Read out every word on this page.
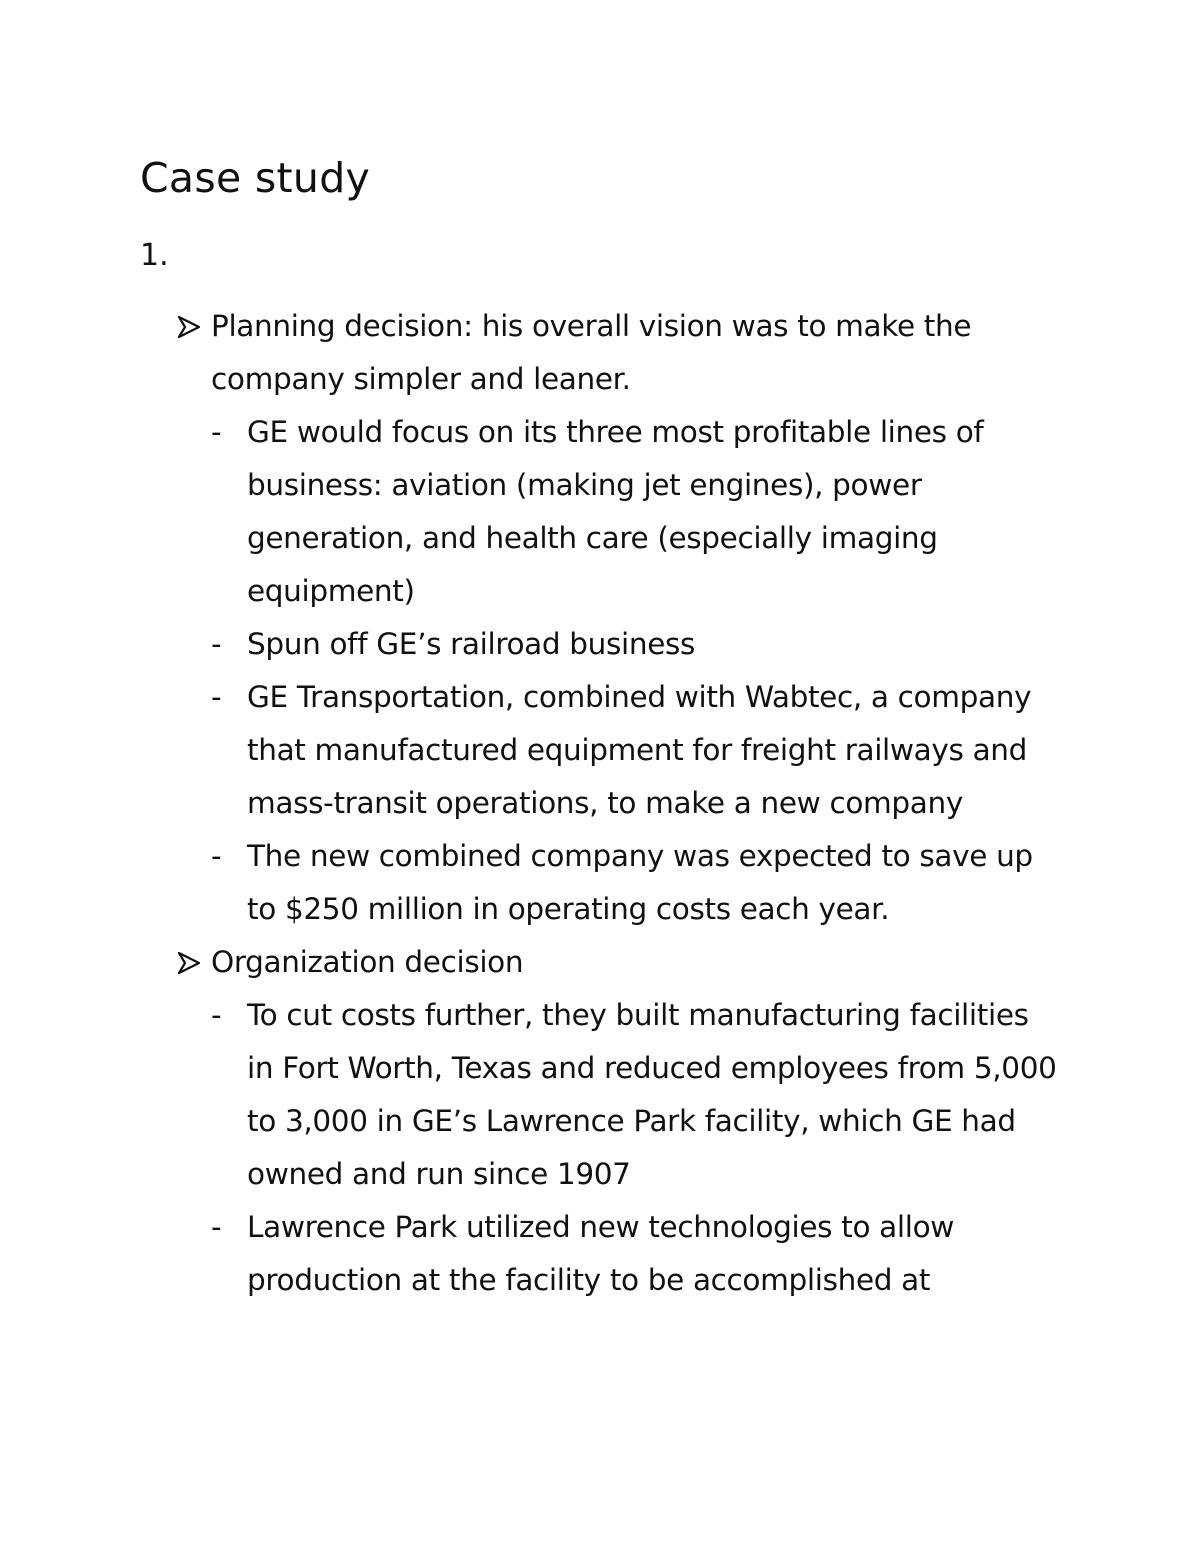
Case study
1.
Planning decision: his overall vision was to make the company simpler and leaner.
- GE would focus on its three most profitable lines of business: aviation (making jet engines), power generation, and health care (especially imaging equipment)
- Spun off GE’s railroad business
- GE Transportation, combined with Wabtec, a company that manufactured equipment for freight railways and mass-transit operations, to make a new company
- The new combined company was expected to save up to $250 million in operating costs each year.
Organization decision
- To cut costs further, they built manufacturing facilities in Fort Worth, Texas and reduced employees from 5,000 to 3,000 in GE’s Lawrence Park facility, which GE had owned and run since 1907
- Lawrence Park utilized new technologies to allow production at the facility to be accomplished at
